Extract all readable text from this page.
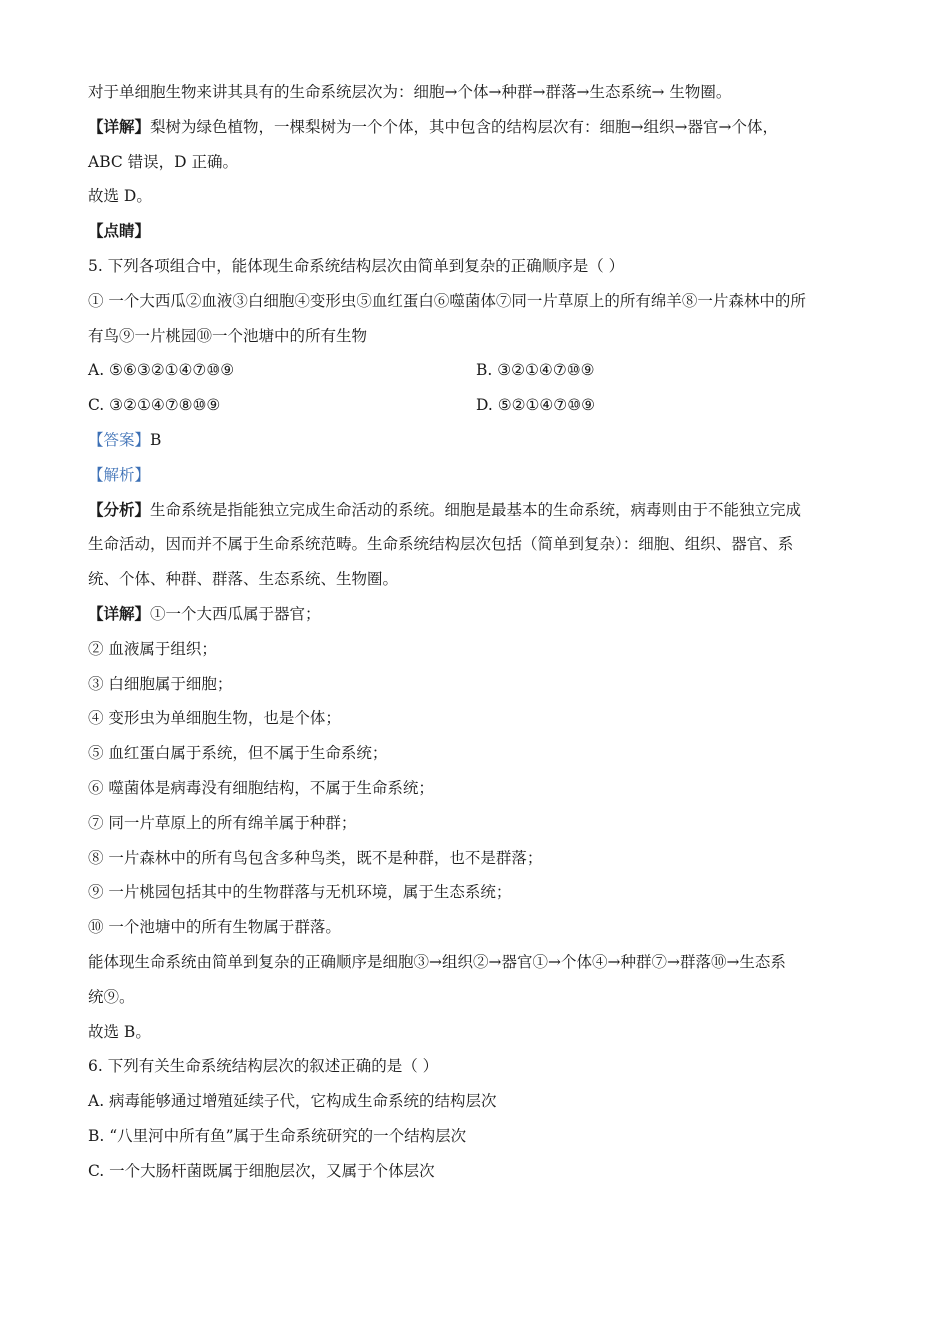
对于单细胞生物来讲其具有的生命系统层次为：细胞→个体→种群→群落→生态系统→ 生物圈。
【详解】梨树为绿色植物，一棵梨树为一个个体，其中包含的结构层次有：细胞→组织→器官→个体，
ABC 错误，D 正确。
故选 D。
【点睛】
5. 下列各项组合中，能体现生命系统结构层次由简单到复杂的正确顺序是（ ）
① 一个大西瓜②血液③白细胞④变形虫⑤血红蛋白⑥噬菌体⑦同一片草原上的所有绵羊⑧一片森林中的所
有鸟⑨一片桃园⑩一个池塘中的所有生物
A. ⑤⑥③②①④⑦⑩⑨	B. ③②①④⑦⑩⑨
C. ③②①④⑦⑧⑩⑨	D. ⑤②①④⑦⑩⑨
【答案】B
【解析】
【分析】生命系统是指能独立完成生命活动的系统。细胞是最基本的生命系统，病毒则由于不能独立完成
生命活动，因而并不属于生命系统范畴。生命系统结构层次包括（简单到复杂）：细胞、组织、器官、系
统、个体、种群、群落、生态系统、生物圈。
【详解】①一个大西瓜属于器官；
② 血液属于组织；
③ 白细胞属于细胞；
④ 变形虫为单细胞生物，也是个体；
⑤ 血红蛋白属于系统，但不属于生命系统；
⑥ 噬菌体是病毒没有细胞结构，不属于生命系统；
⑦ 同一片草原上的所有绵羊属于种群；
⑧ 一片森林中的所有鸟包含多种鸟类，既不是种群，也不是群落；
⑨ 一片桃园包括其中的生物群落与无机环境，属于生态系统；
⑩ 一个池塘中的所有生物属于群落。
能体现生命系统由简单到复杂的正确顺序是细胞③→组织②→器官①→个体④→种群⑦→群落⑩→生态系
统⑨。
故选 B。
6. 下列有关生命系统结构层次的叙述正确的是（ ）
A. 病毒能够通过增殖延续子代，它构成生命系统的结构层次
B. “八里河中所有鱼”属于生命系统研究的一个结构层次
C. 一个大肠杆菌既属于细胞层次，又属于个体层次
